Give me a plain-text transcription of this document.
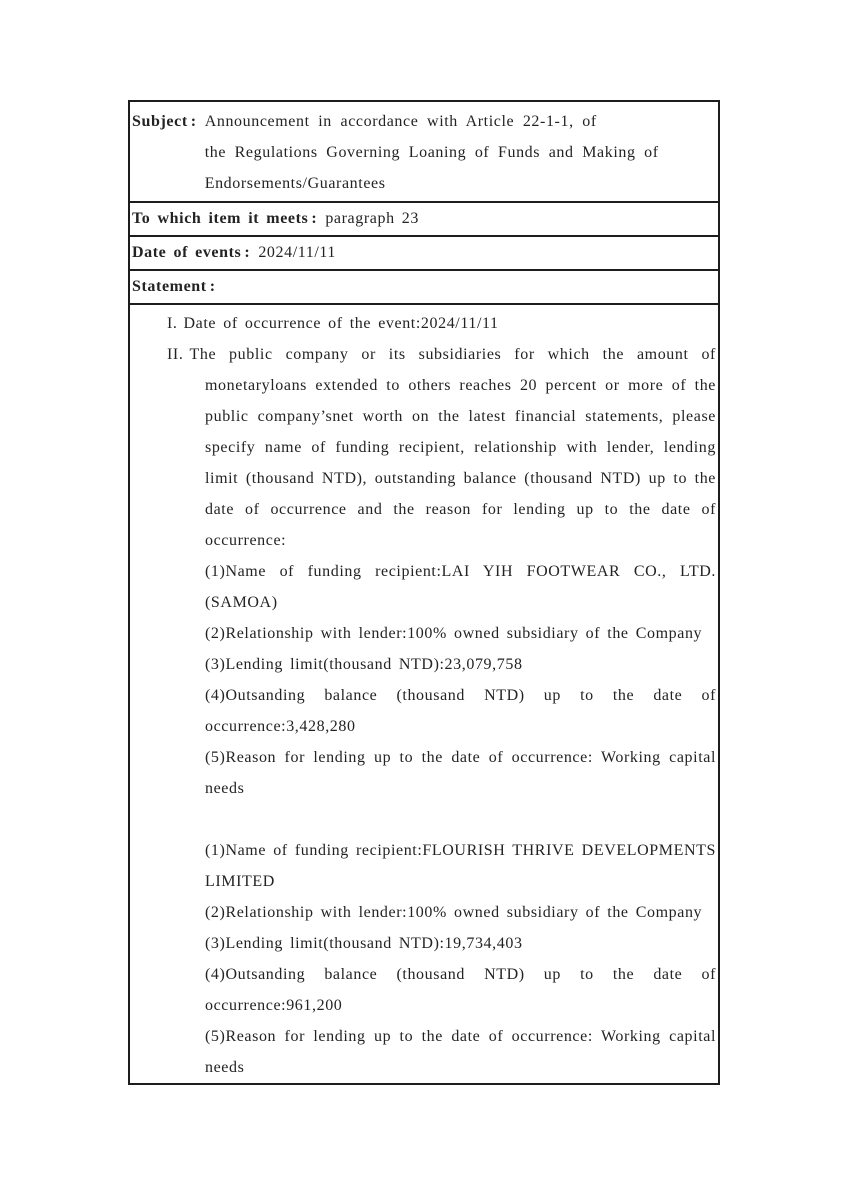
Subject : Announcement in accordance with Article 22-1-1, of
the Regulations Governing Loaning of Funds and Making of
Endorsements/Guarantees
To which item it meets : paragraph 23
Date of events : 2024/11/11
Statement :

I. Date of occurrence of the event:2024/11/11

II. The public company or its subsidiaries for which the amount of monetaryloans extended to others reaches 20 percent or more of the public company’snet worth on the latest financial statements, please specify name of funding recipient, relationship with lender, lending limit (thousand NTD), outstanding balance (thousand NTD) up to the date of occurrence and the reason for lending up to the date of occurrence:

(1)Name of funding recipient:LAI YIH FOOTWEAR CO., LTD.(SAMOA)
(2)Relationship with lender:100% owned subsidiary of the Company
(3)Lending limit(thousand NTD):23,079,758
(4)Outsanding balance (thousand NTD) up to the date of occurrence:3,428,280
(5)Reason for lending up to the date of occurrence: Working capital needs
(1)Name of funding recipient:FLOURISH THRIVE DEVELOPMENTS LIMITED
(2)Relationship with lender:100% owned subsidiary of the Company
(3)Lending limit(thousand NTD):19,734,403
(4)Outsanding balance (thousand NTD) up to the date of occurrence:961,200
(5)Reason for lending up to the date of occurrence: Working capital needs
